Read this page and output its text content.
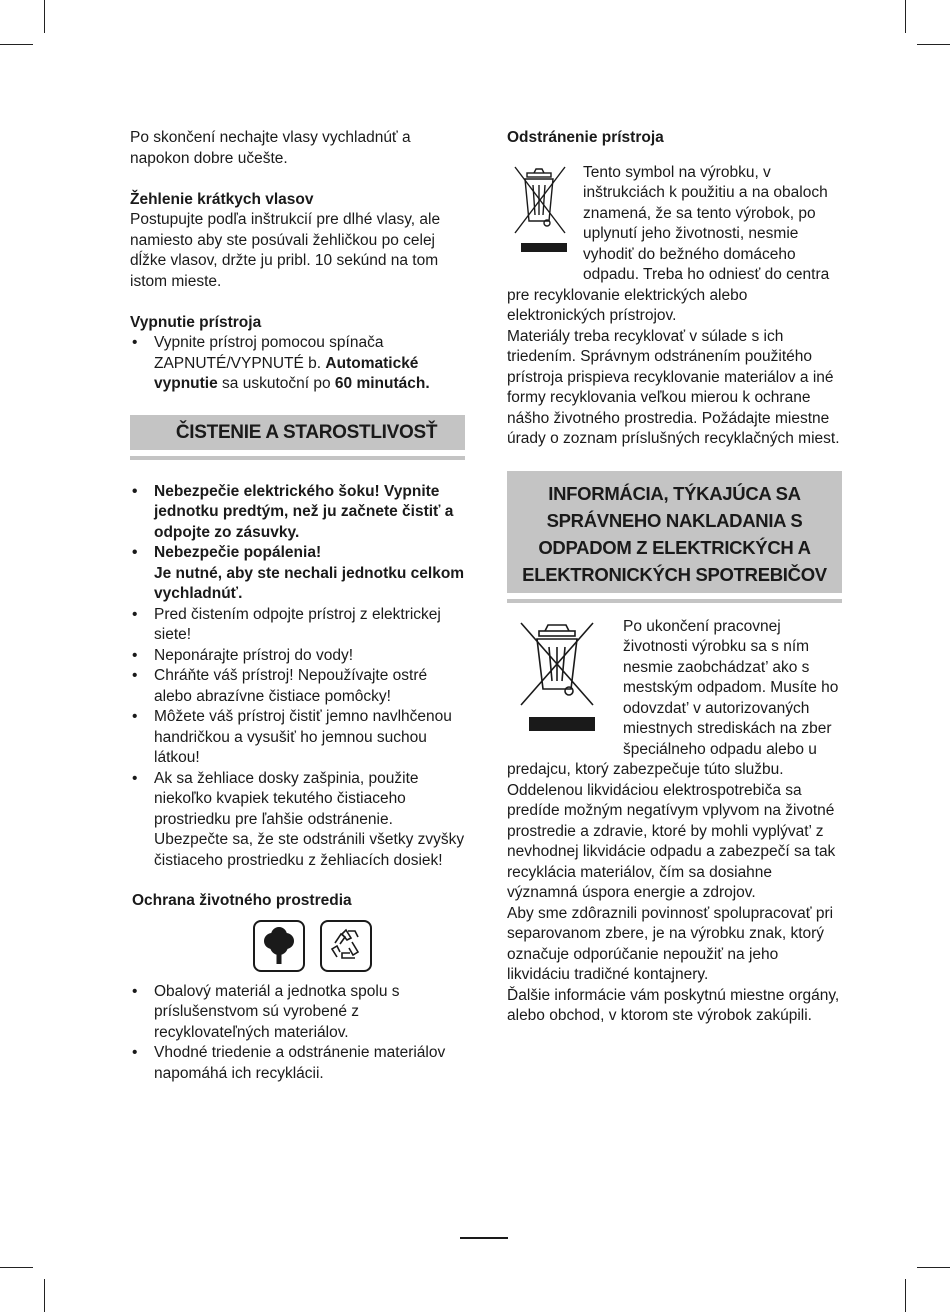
Po skončení nechajte vlasy vychladnúť a napokon dobre učešte.

Žehlenie krátkych vlasov

Postupujte podľa inštrukcií pre dlhé vlasy, ale namiesto aby ste posúvali žehličkou po celej dĺžke vlasov, držte ju pribl. 10 sekúnd na tom istom mieste.

Vypnutie prístroja

• Vypnite prístroj pomocou spínača ZAPNUTÉ/VYPNUTÉ b. Automatické vypnutie sa uskutoční po 60 minutách.
ČISTENIE A STAROSTLIVOSŤ
• Nebezpečie elektrického šoku! Vypnite jednotku predtým, než ju začnete čistiť a odpojte zo zásuvky.
• Nebezpečie popálenia!
Je nutné, aby ste nechali jednotku celkom vychladnúť.
• Pred čistením odpojte prístroj z elektrickej siete!
• Neponárajte prístroj do vody!
• Chráňte váš prístroj! Nepoužívajte ostré alebo abrazívne čistiace pomôcky!
• Môžete váš prístroj čistiť jemno navlhčenou handričkou a vysušiť ho jemnou suchou látkou!
• Ak sa žehliace dosky zašpinia, použite niekoľko kvapiek tekutého čistiaceho prostriedku pre ľahšie odstránenie. Ubezpečte sa, že ste odstránili všetky zvyšky čistiaceho prostriedku z žehliacích dosiek!

Ochrana životného prostredia

• Obalový materiál a jednotka spolu s príslušenstvom sú vyrobené z recyklovateľných materiálov.
• Vhodné triedenie a odstránenie materiálov napomáhá ich recyklácii.

Odstránenie prístroja

Tento symbol na výrobku, v inštrukciách k použitiu a na obaloch znamená, že sa tento výrobok, po uplynutí jeho životnosti, nesmie vyhodiť do bežného domáceho odpadu. Treba ho odniesť do centra pre recyklovanie elektrických alebo elektronických prístrojov.

Materiály treba recyklovať v súlade s ich triedením. Správnym odstránením použitého prístroja prispieva recyklovanie materiálov a iné formy recyklovania veľkou mierou k ochrane nášho životného prostredia. Požádajte miestne úrady o zoznam príslušných recyklačných miest.

INFORMÁCIA, TÝKAJÚCA SA SPRÁVNEHO NAKLADANIA S ODPADOM Z ELEKTRICKÝCH A ELEKTRONICKÝCH SPOTREBIČOV

Po ukončení pracovnej životnosti výrobku sa s ním nesmie zaobchádzat’ ako s mestským odpadom. Musíte ho odovzdat’ v autorizovaných miestnych strediskách na zber špeciálneho odpadu alebo u predajcu, ktorý zabezpečuje túto službu. Oddelenou likvidáciou elektrospotrebiča sa predíde možným negatívym vplyvom na životné prostredie a zdravie, ktoré by mohli vyplývat’ z nevhodnej likvidácie odpadu a zabezpečí sa tak recyklácia materiálov, čím sa dosiahne významná úspora energie a zdrojov.

Aby sme zdôraznili povinnosť spolupracovať pri separovanom zbere, je na výrobku znak, ktorý označuje odporúčanie nepoužiť na jeho likvidáciu tradičné kontajnery.

Ďalšie informácie vám poskytnú miestne orgány, alebo obchod, v ktorom ste výrobok zakúpili.
